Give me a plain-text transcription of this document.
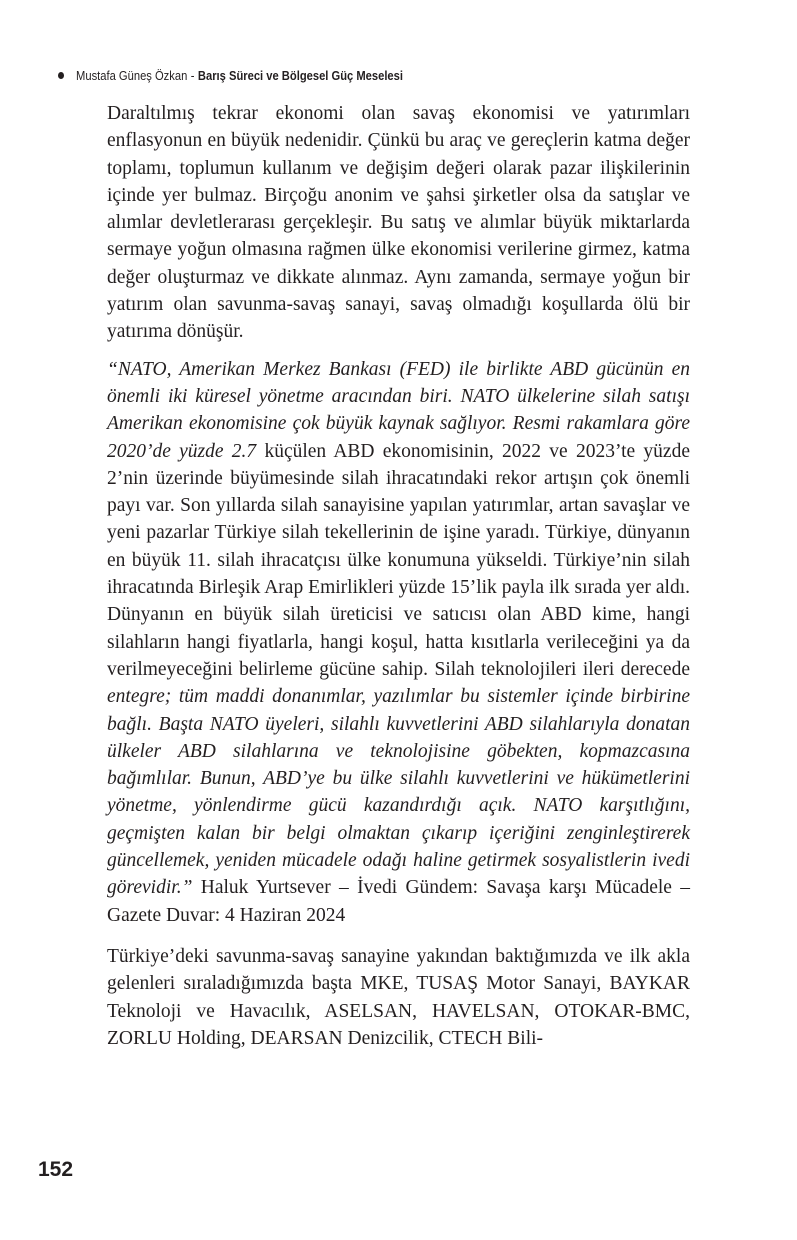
Mustafa Güneş Özkan - Barış Süreci ve Bölgesel Güç Meselesi

Daraltılmış tekrar ekonomi olan savaş ekonomisi ve yatırımları enflasyonun en büyük nedenidir. Çünkü bu araç ve gereçlerin katma değer toplamı, toplumun kullanım ve değişim değeri olarak pazar ilişkilerinin içinde yer bulmaz. Birçoğu anonim ve şahsi şirketler olsa da satışlar ve alımlar devletlerarası gerçekleşir. Bu satış ve alımlar büyük miktarlarda sermaye yoğun olmasına rağmen ülke ekonomisi verilerine girmez, katma değer oluşturmaz ve dikkate alınmaz. Aynı zamanda, sermaye yoğun bir yatırım olan savunma-savaş sanayi, savaş olmadığı koşullarda ölü bir yatırıma dönüşür.

“NATO, Amerikan Merkez Bankası (FED) ile birlikte ABD gücünün en önemli iki küresel yönetme aracından biri. NATO ülkelerine silah satışı Amerikan ekonomisine çok büyük kaynak sağlıyor. Resmi rakamlara göre 2020’de yüzde 2.7 küçülen ABD ekonomisinin, 2022 ve 2023’te yüzde 2’nin üzerinde büyümesinde silah ihracatındaki rekor artışın çok önemli payı var. Son yıllarda silah sanayisine yapılan yatırımlar, artan savaşlar ve yeni pazarlar Türkiye silah tekellerinin de işine yaradı. Türkiye, dünyanın en büyük 11. silah ihracatçısı ülke konumuna yükseldi. Türkiye’nin silah ihracatında Birleşik Arap Emirlikleri yüzde 15’lik payla ilk sırada yer aldı. Dünyanın en büyük silah üreticisi ve satıcısı olan ABD kime, hangi silahların hangi fiyatlarla, hangi koşul, hatta kısıtlarla verileceğini ya da verilmeyeceğini belirleme gücüne sahip. Silah teknolojileri ileri derecede entegre; tüm maddi donanımlar, yazılımlar bu sistemler içinde birbirine bağlı. Başta NATO üyeleri, silahlı kuvvetlerini ABD silahlarıyla donatan ülkeler ABD silahlarına ve teknolojisine göbekten, kopmazcasına bağımlılar. Bunun, ABD’ye bu ülke silahlı kuvvetlerini ve hükümetlerini yönetme, yönlendirme gücü kazandırdığı açık. NATO karşıtlığını, geçmişten kalan bir belgi olmaktan çıkarıp içeriğini zenginleştirerek güncellemek, yeniden mücadele odağı haline getirmek sosyalistlerin ivedi görevidir.” Haluk Yurtsever – İvedi Gündem: Savaşa karşı Mücadele – Gazete Duvar: 4 Haziran 2024

Türkiye’deki savunma-savaş sanayine yakından baktığımızda ve ilk akla gelenleri sıraladığımızda başta MKE, TUSAŞ Motor Sanayi, BAYKAR Teknoloji ve Havacılık, ASELSAN, HAVELSAN, OTOKAR-BMC, ZORLU Holding, DEARSAN Denizcilik, CTECH Bili-

152
